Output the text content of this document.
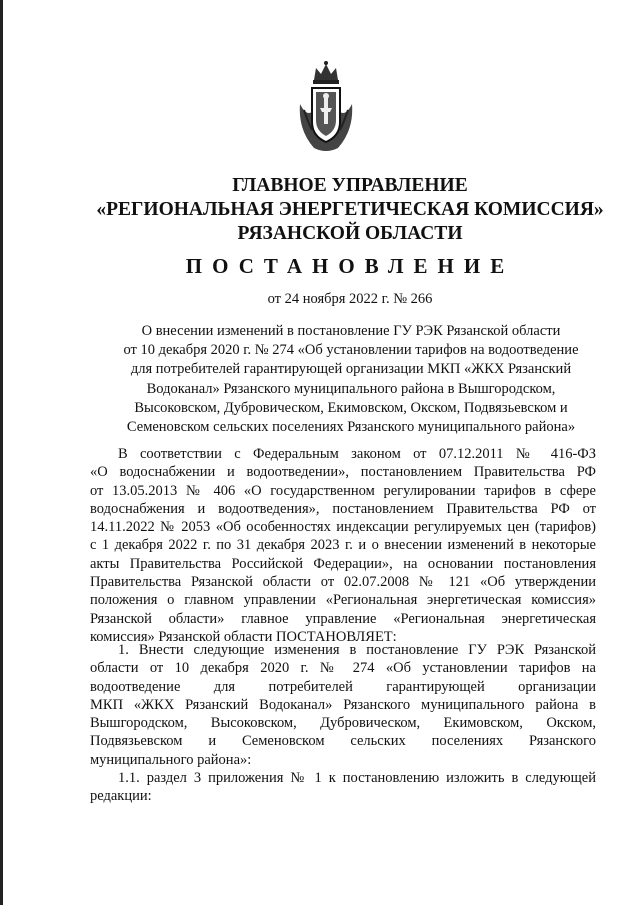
ГЛАВНОЕ УПРАВЛЕНИЕ
«РЕГИОНАЛЬНАЯ ЭНЕРГЕТИЧЕСКАЯ КОМИССИЯ»
РЯЗАНСКОЙ ОБЛАСТИ
ПОСТАНОВЛЕНИЕ
от 24 ноября 2022 г. № 266
О внесении изменений в постановление ГУ РЭК Рязанской области
от 10 декабря 2020 г. № 274 «Об установлении тарифов на водоотведение
для потребителей гарантирующей организации МКП «ЖКХ Рязанский
Водоканал» Рязанского муниципального района в Вышгородском,
Высоковском, Дубровическом, Екимовском, Окском, Подвязьевском и
Семеновском сельских поселениях Рязанского муниципального района»
В соответствии с Федеральным законом от 07.12.2011 № 416-ФЗ
«О водоснабжении и водоотведении», постановлением Правительства РФ
от 13.05.2013 № 406 «О государственном регулировании тарифов в сфере
водоснабжения и водоотведения», постановлением Правительства РФ от
14.11.2022 № 2053 «Об особенностях индексации регулируемых цен (тарифов)
с 1 декабря 2022 г. по 31 декабря 2023 г. и о внесении изменений в некоторые
акты Правительства Российской Федерации», на основании постановления
Правительства Рязанской области от 02.07.2008 № 121 «Об утверждении
положения о главном управлении «Региональная энергетическая комиссия»
Рязанской области» главное управление «Региональная энергетическая
комиссия» Рязанской области ПОСТАНОВЛЯЕТ:
1. Внести следующие изменения в постановление ГУ РЭК Рязанской
области от 10 декабря 2020 г. № 274 «Об установлении тарифов на
водоотведение для потребителей гарантирующей организации
МКП «ЖКХ Рязанский Водоканал» Рязанского муниципального района в
Вышгородском, Высоковском, Дубровическом, Екимовском, Окском,
Подвязьевском и Семеновском сельских поселениях Рязанского
муниципального района»:
1.1. раздел 3 приложения № 1 к постановлению изложить в следующей
редакции:
